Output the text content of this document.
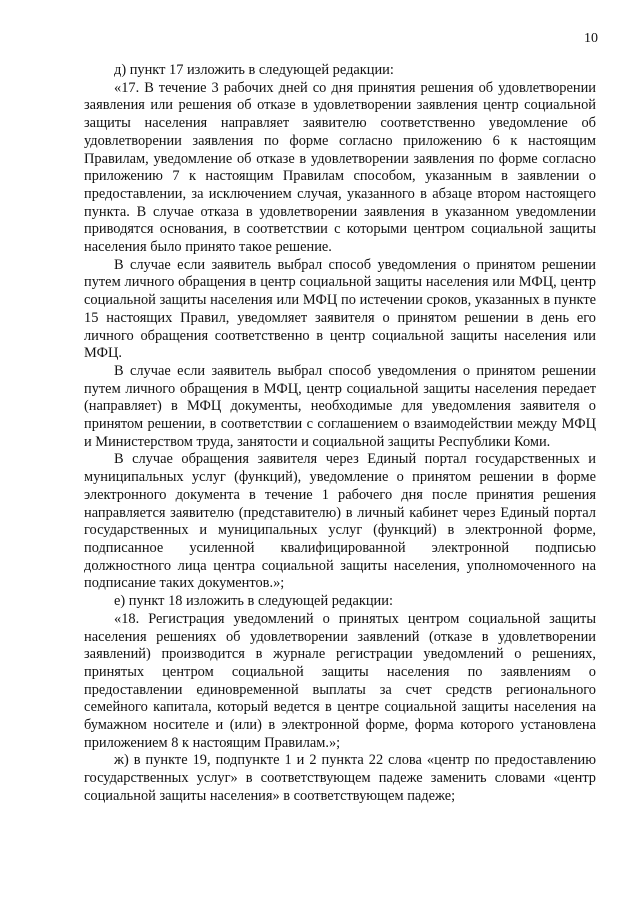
10

д) пункт 17 изложить в следующей редакции:

«17. В течение 3 рабочих дней со дня принятия решения об удовлетворении заявления или решения об отказе в удовлетворении заявления центр социальной защиты населения направляет заявителю соответственно уведомление об удовлетворении заявления по форме согласно приложению 6 к настоящим Правилам, уведомление об отказе в удовлетворении заявления по форме согласно приложению 7 к настоящим Правилам способом, указанным в заявлении о предоставлении, за исключением случая, указанного в абзаце втором настоящего пункта. В случае отказа в удовлетворении заявления в указанном уведомлении приводятся основания, в соответствии с которыми центром социальной защиты населения было принято такое решение.

В случае если заявитель выбрал способ уведомления о принятом решении путем личного обращения в центр социальной защиты населения или МФЦ, центр социальной защиты населения или МФЦ по истечении сроков, указанных в пункте 15 настоящих Правил, уведомляет заявителя о принятом решении в день его личного обращения соответственно в центр социальной защиты населения или МФЦ.

В случае если заявитель выбрал способ уведомления о принятом решении путем личного обращения в МФЦ, центр социальной защиты населения передает (направляет) в МФЦ документы, необходимые для уведомления заявителя о принятом решении, в соответствии с соглашением о взаимодействии между МФЦ и Министерством труда, занятости и социальной защиты Республики Коми.

В случае обращения заявителя через Единый портал государственных и муниципальных услуг (функций), уведомление о принятом решении в форме электронного документа в течение 1 рабочего дня после принятия решения направляется заявителю (представителю) в личный кабинет через Единый портал государственных и муниципальных услуг (функций) в электронной форме, подписанное усиленной квалифицированной электронной подписью должностного лица центра социальной защиты населения, уполномоченного на подписание таких документов.»;

е) пункт 18 изложить в следующей редакции:

«18. Регистрация уведомлений о принятых центром социальной защиты населения решениях об удовлетворении заявлений (отказе в удовлетворении заявлений) производится в журнале регистрации уведомлений о решениях, принятых центром социальной защиты населения по заявлениям о предоставлении единовременной выплаты за счет средств регионального семейного капитала, который ведется в центре социальной защиты населения на бумажном носителе и (или) в электронной форме, форма которого установлена приложением 8 к настоящим Правилам.»;

ж) в пункте 19, подпункте 1 и 2 пункта 22 слова «центр по предоставлению государственных услуг» в соответствующем падеже заменить словами «центр социальной защиты населения» в соответствующем падеже;
